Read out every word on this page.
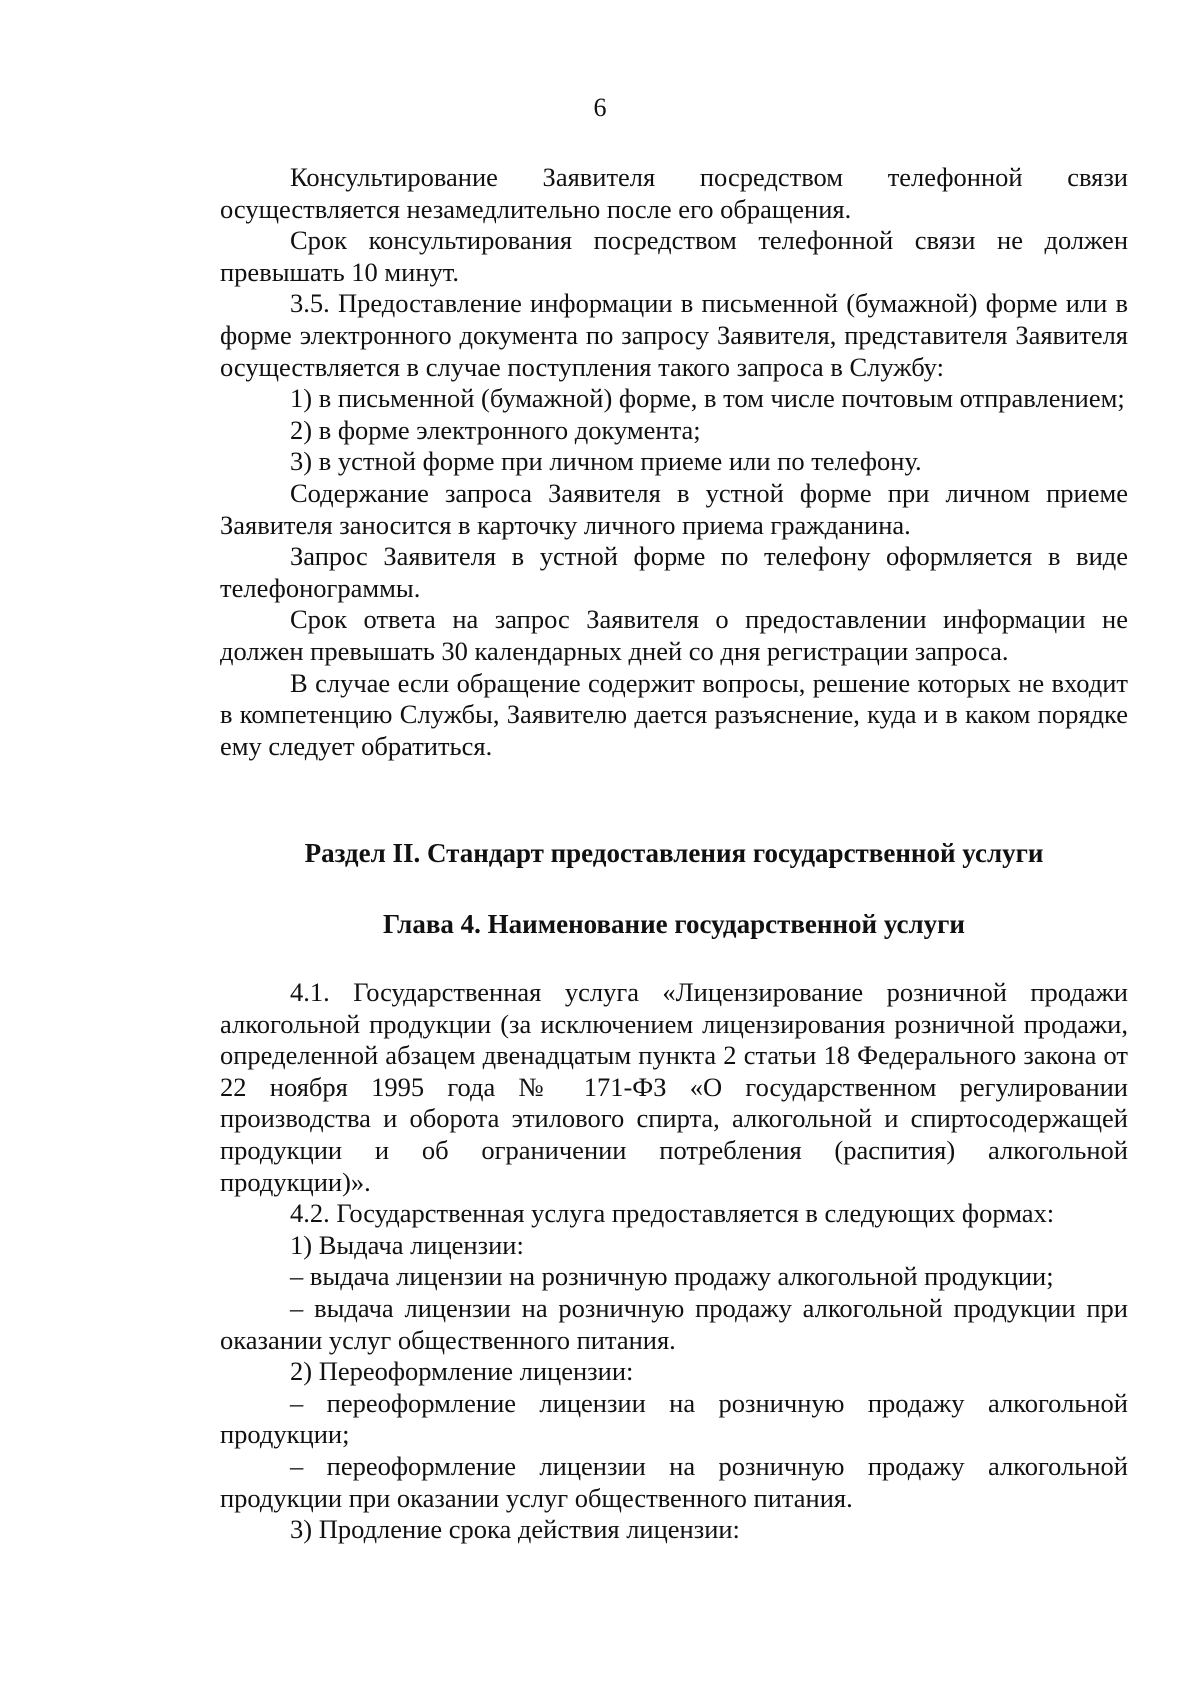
6

Консультирование Заявителя посредством телефонной связи осуществляется незамедлительно после его обращения.

Срок консультирования посредством телефонной связи не должен превышать 10 минут.

3.5. Предоставление информации в письменной (бумажной) форме или в форме электронного документа по запросу Заявителя, представителя Заявителя осуществляется в случае поступления такого запроса в Службу:

1) в письменной (бумажной) форме, в том числе почтовым отправлением;

2) в форме электронного документа;

3) в устной форме при личном приеме или по телефону.

Содержание запроса Заявителя в устной форме при личном приеме Заявителя заносится в карточку личного приема гражданина.

Запрос Заявителя в устной форме по телефону оформляется в виде телефонограммы.

Срок ответа на запрос Заявителя о предоставлении информации не должен превышать 30 календарных дней со дня регистрации запроса.

В случае если обращение содержит вопросы, решение которых не входит в компетенцию Службы, Заявителю дается разъяснение, куда и в каком порядке ему следует обратиться.

Раздел II. Стандарт предоставления государственной услуги
Глава 4. Наименование государственной услуги

4.1. Государственная услуга «Лицензирование розничной продажи алкогольной продукции (за исключением лицензирования розничной продажи, определенной абзацем двенадцатым пункта 2 статьи 18 Федерального закона от 22 ноября 1995 года № 171-ФЗ «О государственном регулировании производства и оборота этилового спирта, алкогольной и спиртосодержащей продукции и об ограничении потребления (распития) алкогольной продукции)».

4.2. Государственная услуга предоставляется в следующих формах:

1) Выдача лицензии:

– выдача лицензии на розничную продажу алкогольной продукции;

– выдача лицензии на розничную продажу алкогольной продукции при оказании услуг общественного питания.

2) Переоформление лицензии:

– переоформление лицензии на розничную продажу алкогольной продукции;

– переоформление лицензии на розничную продажу алкогольной продукции при оказании услуг общественного питания.

3) Продление срока действия лицензии:
